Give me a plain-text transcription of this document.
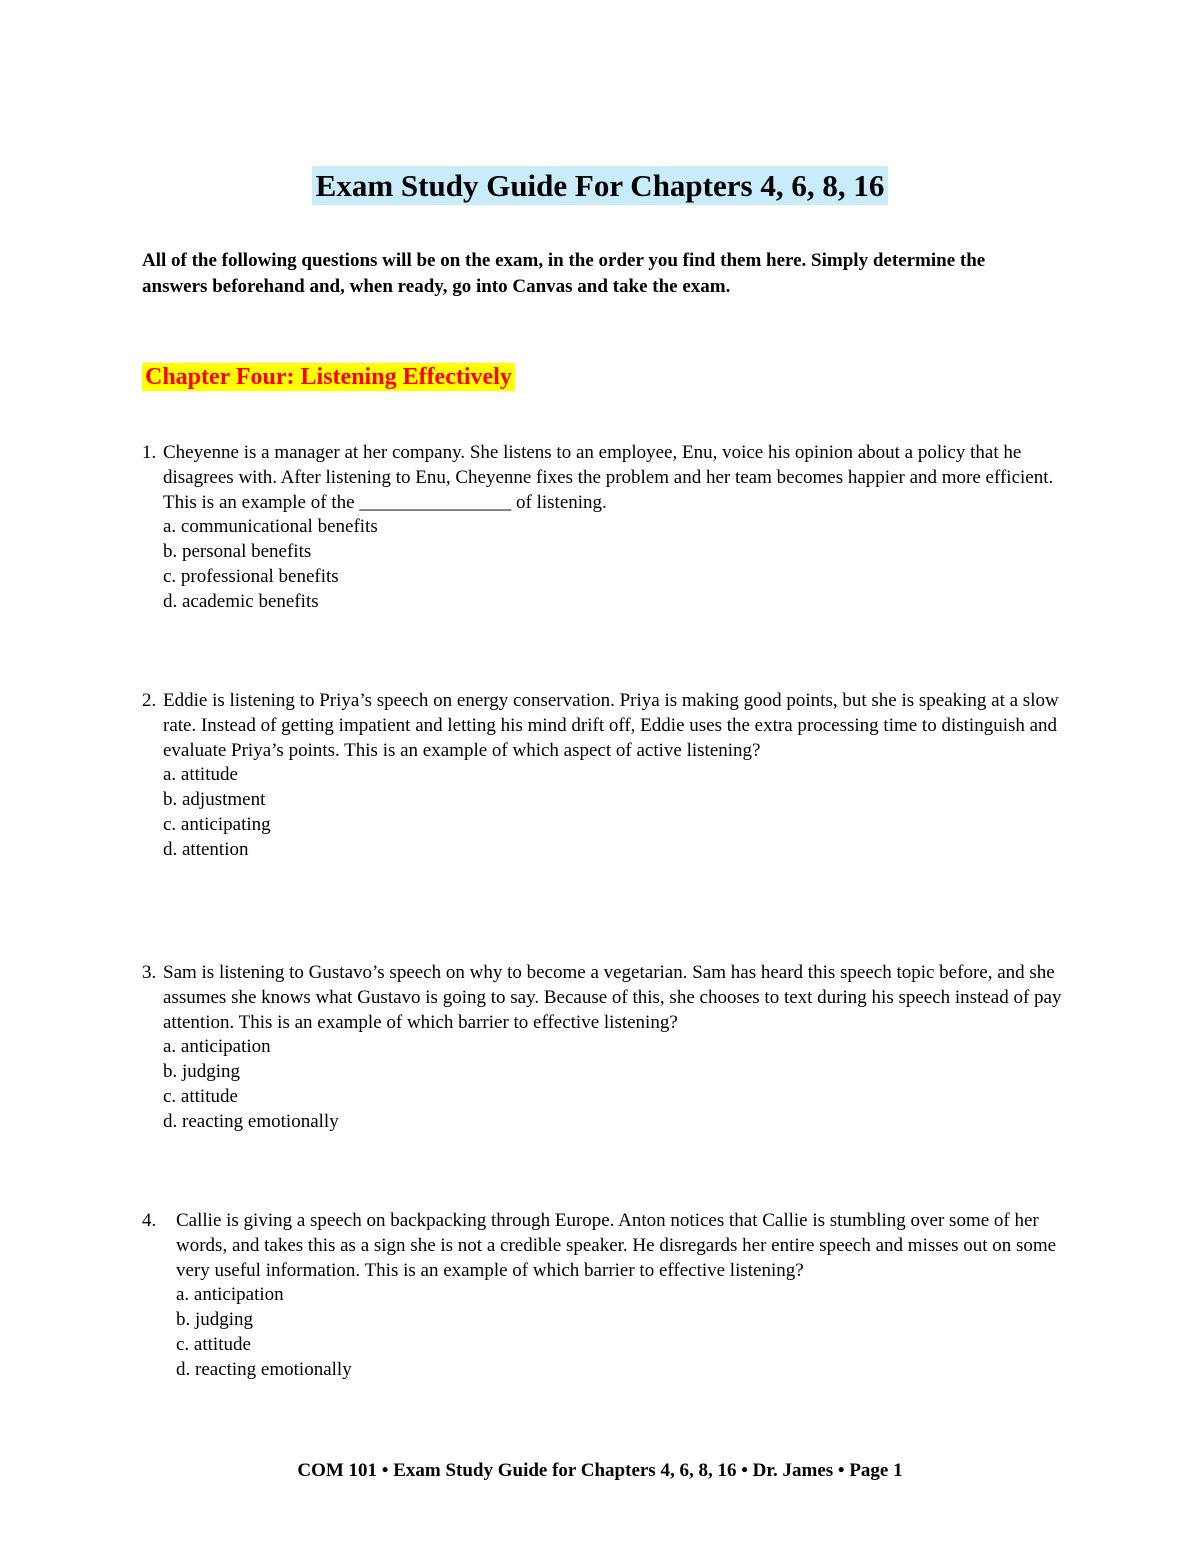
Exam Study Guide For Chapters 4, 6, 8, 16
All of the following questions will be on the exam, in the order you find them here. Simply determine the answers beforehand and, when ready, go into Canvas and take the exam.
Chapter Four: Listening Effectively
1. Cheyenne is a manager at her company. She listens to an employee, Enu, voice his opinion about a policy that he disagrees with. After listening to Enu, Cheyenne fixes the problem and her team becomes happier and more efficient. This is an example of the ________________ of listening.
a. communicational benefits
b. personal benefits
c. professional benefits
d. academic benefits
2. Eddie is listening to Priya’s speech on energy conservation. Priya is making good points, but she is speaking at a slow rate. Instead of getting impatient and letting his mind drift off, Eddie uses the extra processing time to distinguish and evaluate Priya’s points. This is an example of which aspect of active listening?
a. attitude
b. adjustment
c. anticipating
d. attention
3. Sam is listening to Gustavo’s speech on why to become a vegetarian. Sam has heard this speech topic before, and she assumes she knows what Gustavo is going to say. Because of this, she chooses to text during his speech instead of pay attention. This is an example of which barrier to effective listening?
a. anticipation
b. judging
c. attitude
d. reacting emotionally
4.	Callie is giving a speech on backpacking through Europe. Anton notices that Callie is stumbling over some of her words, and takes this as a sign she is not a credible speaker. He disregards her entire speech and misses out on some very useful information. This is an example of which barrier to effective listening?
a. anticipation
b. judging
c. attitude
d. reacting emotionally
COM 101 • Exam Study Guide for Chapters 4, 6, 8, 16 • Dr. James • Page 1
